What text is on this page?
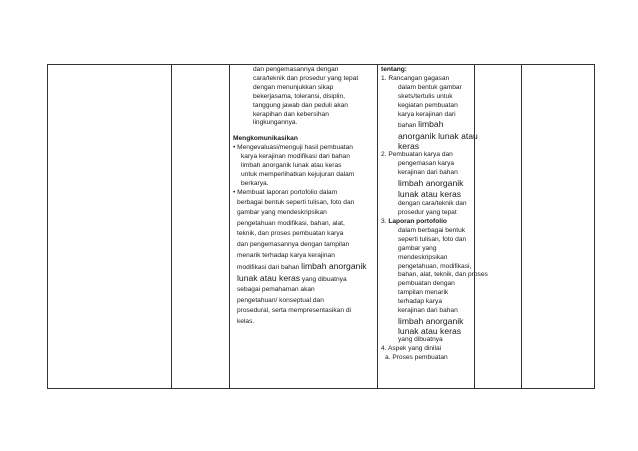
dan pengemasannya dengan
cara/teknik dan prosedur yang tepat
dengan menunjukkan sikap
bekerjasama, toleransi, disiplin,
tanggung jawab dan peduli akan
kerapihan dan kebersihan
lingkungannya.
Mengkomunikasikan
• Mengevaluasi/menguji hasil pembuatan
karya kerajinan modifikasi dari bahan
limbah anorganik lunak atau keras
untuk memperlihatkan kejujuran dalam
berkarya.
• Membuat laporan portofolio dalam
berbagai bentuk seperti tulisan, foto dan
gambar yang mendeskripsikan
pengetahuan modifikasi, bahan, alat,
teknik, dan proses pembuatan karya
dan pengemasannya dengan tampilan
menarik terhadap karya kerajinan
modifikasi dari bahan limbah anorganik
lunak atau keras yang dibuatnya
sebagai pemahaman akan
pengetahuan/ konseptual dan
prosedural, serta mempresentasikan di
kelas.
tentang:
1. Rancangan gagasan
dalam bentuk gambar
skets/tertulis untuk
kegiatan pembuatan
karya kerajinan dari
bahan limbah
anorganik lunak atau
keras
2. Pembuatan karya dan
pengemasan karya
kerajinan dari bahan
limbah anorganik
lunak atau keras
dengan cara/teknik dan
prosedur yang tepat
3. Laporan portofolio
dalam berbagai bentuk
seperti tulisan, foto dan
gambar yang
mendeskripsikan
pengetahuan, modifikasi,
bahan, alat, teknik, dan proses
pembuatan dengan
tampilan menarik
terhadap karya
kerajinan dari bahan
limbah anorganik
lunak atau keras
yang dibuatnya
4. Aspek yang dinilai
a. Proses pembuatan
